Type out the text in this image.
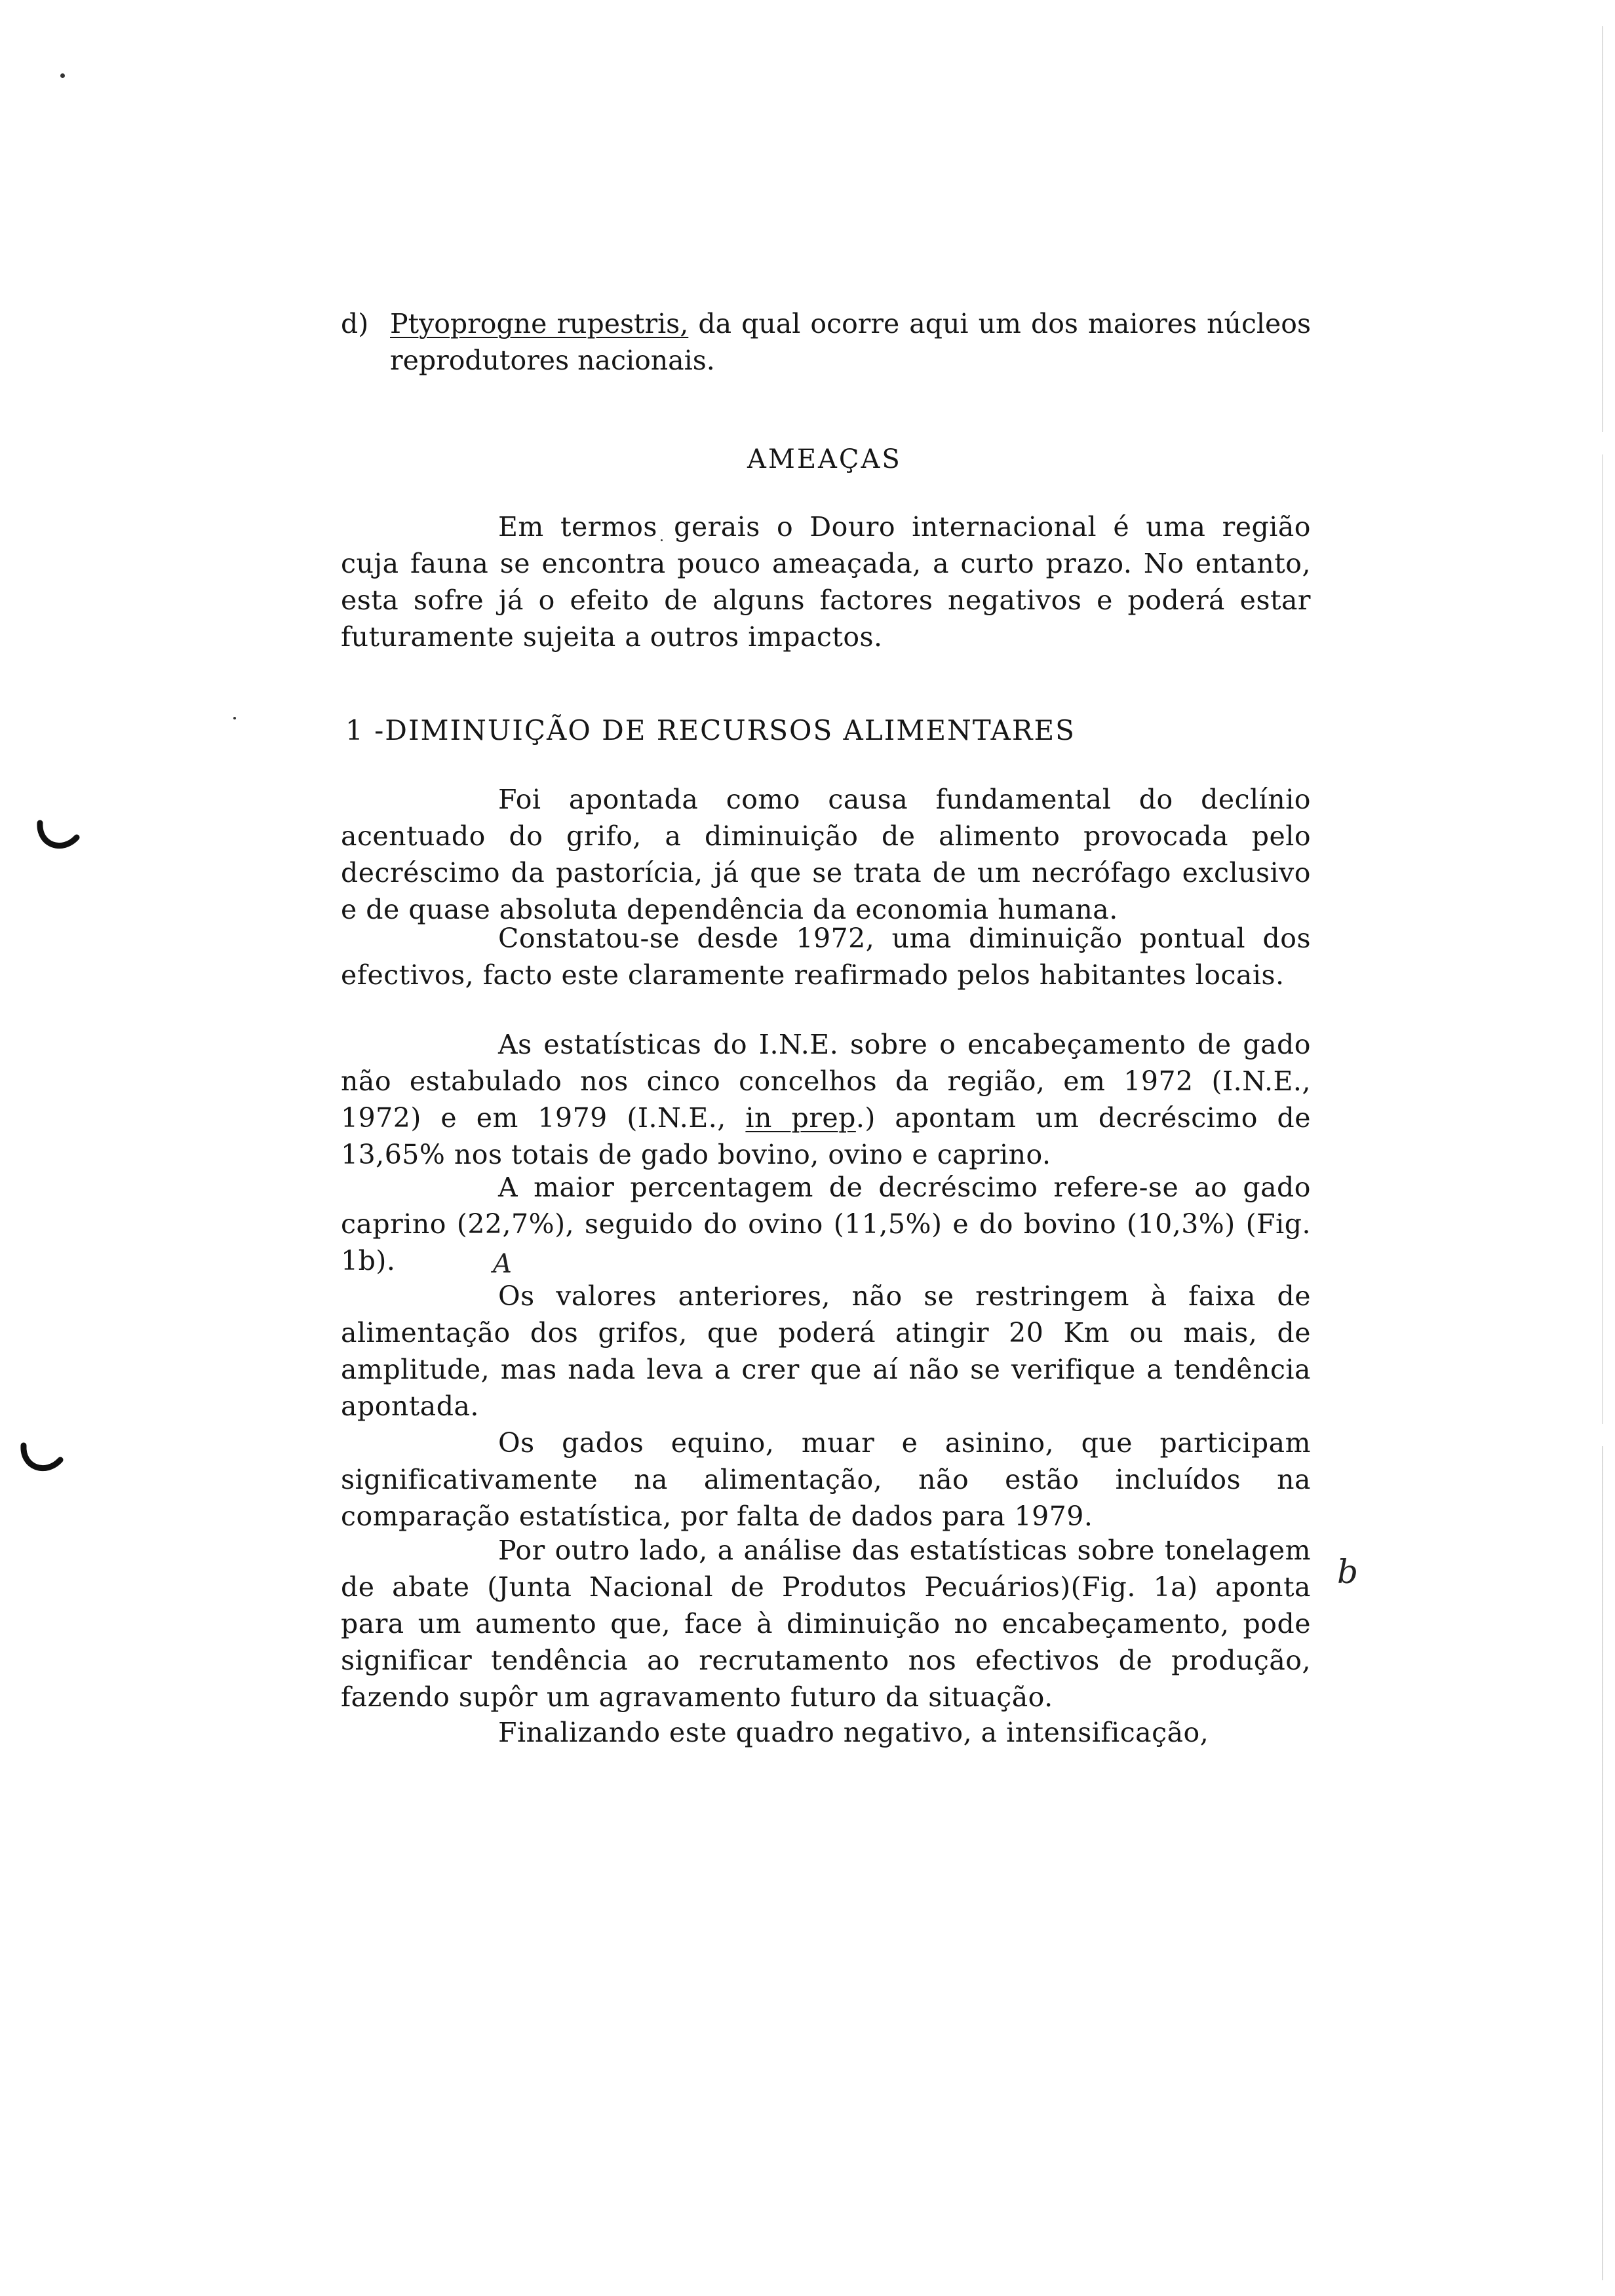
d) Ptyoprogne rupestris, da qual ocorre aqui um dos maiores núcleos reprodutores nacionais.
AMEAÇAS
Em termos gerais o Douro internacional é uma região cuja fauna se encontra pouco ameaçada, a curto prazo. No entanto, esta sofre já o efeito de alguns factores negativos e poderá estar futuramente sujeita a outros impactos.
1 -DIMINUIÇÃO DE RECURSOS ALIMENTARES
Foi apontada como causa fundamental do declínio acentuado do grifo, a diminuição de alimento provocada pelo decréscimo da pastorícia, já que se trata de um necrófago exclusivo e de quase absoluta dependência da economia humana.
Constatou-se desde 1972, uma diminuição pontual dos efectivos, facto este claramente reafirmado pelos habitantes locais.
As estatísticas do I.N.E. sobre o encabeçamento de gado não estabulado nos cinco concelhos da região, em 1972 (I.N.E., 1972) e em 1979 (I.N.E., in prep.) apontam um decréscimo de 13,65% nos totais de gado bovino, ovino e caprino.
A maior percentagem de decréscimo refere-se ao gado caprino (22,7%), seguido do ovino (11,5%) e do bovino (10,3%) (Fig. 1b).
Os valores anteriores, não se restringem à faixa de alimentação dos grifos, que poderá atingir 20 Km ou mais, de amplitude, mas nada leva a crer que aí não se verifique a tendência apontada.
Os gados equino, muar e asinino, que participam significativamente na alimentação, não estão incluídos na comparação estatística, por falta de dados para 1979.
Por outro lado, a análise das estatísticas sobre tonelagem de abate (Junta Nacional de Produtos Pecuários)(Fig. 1a) aponta para um aumento que, face à diminuição no encabeçamento, pode significar tendência ao recrutamento nos efectivos de produção, fazendo supôr um agravamento futuro da situação.
Finalizando este quadro negativo, a intensificação,
A
b
